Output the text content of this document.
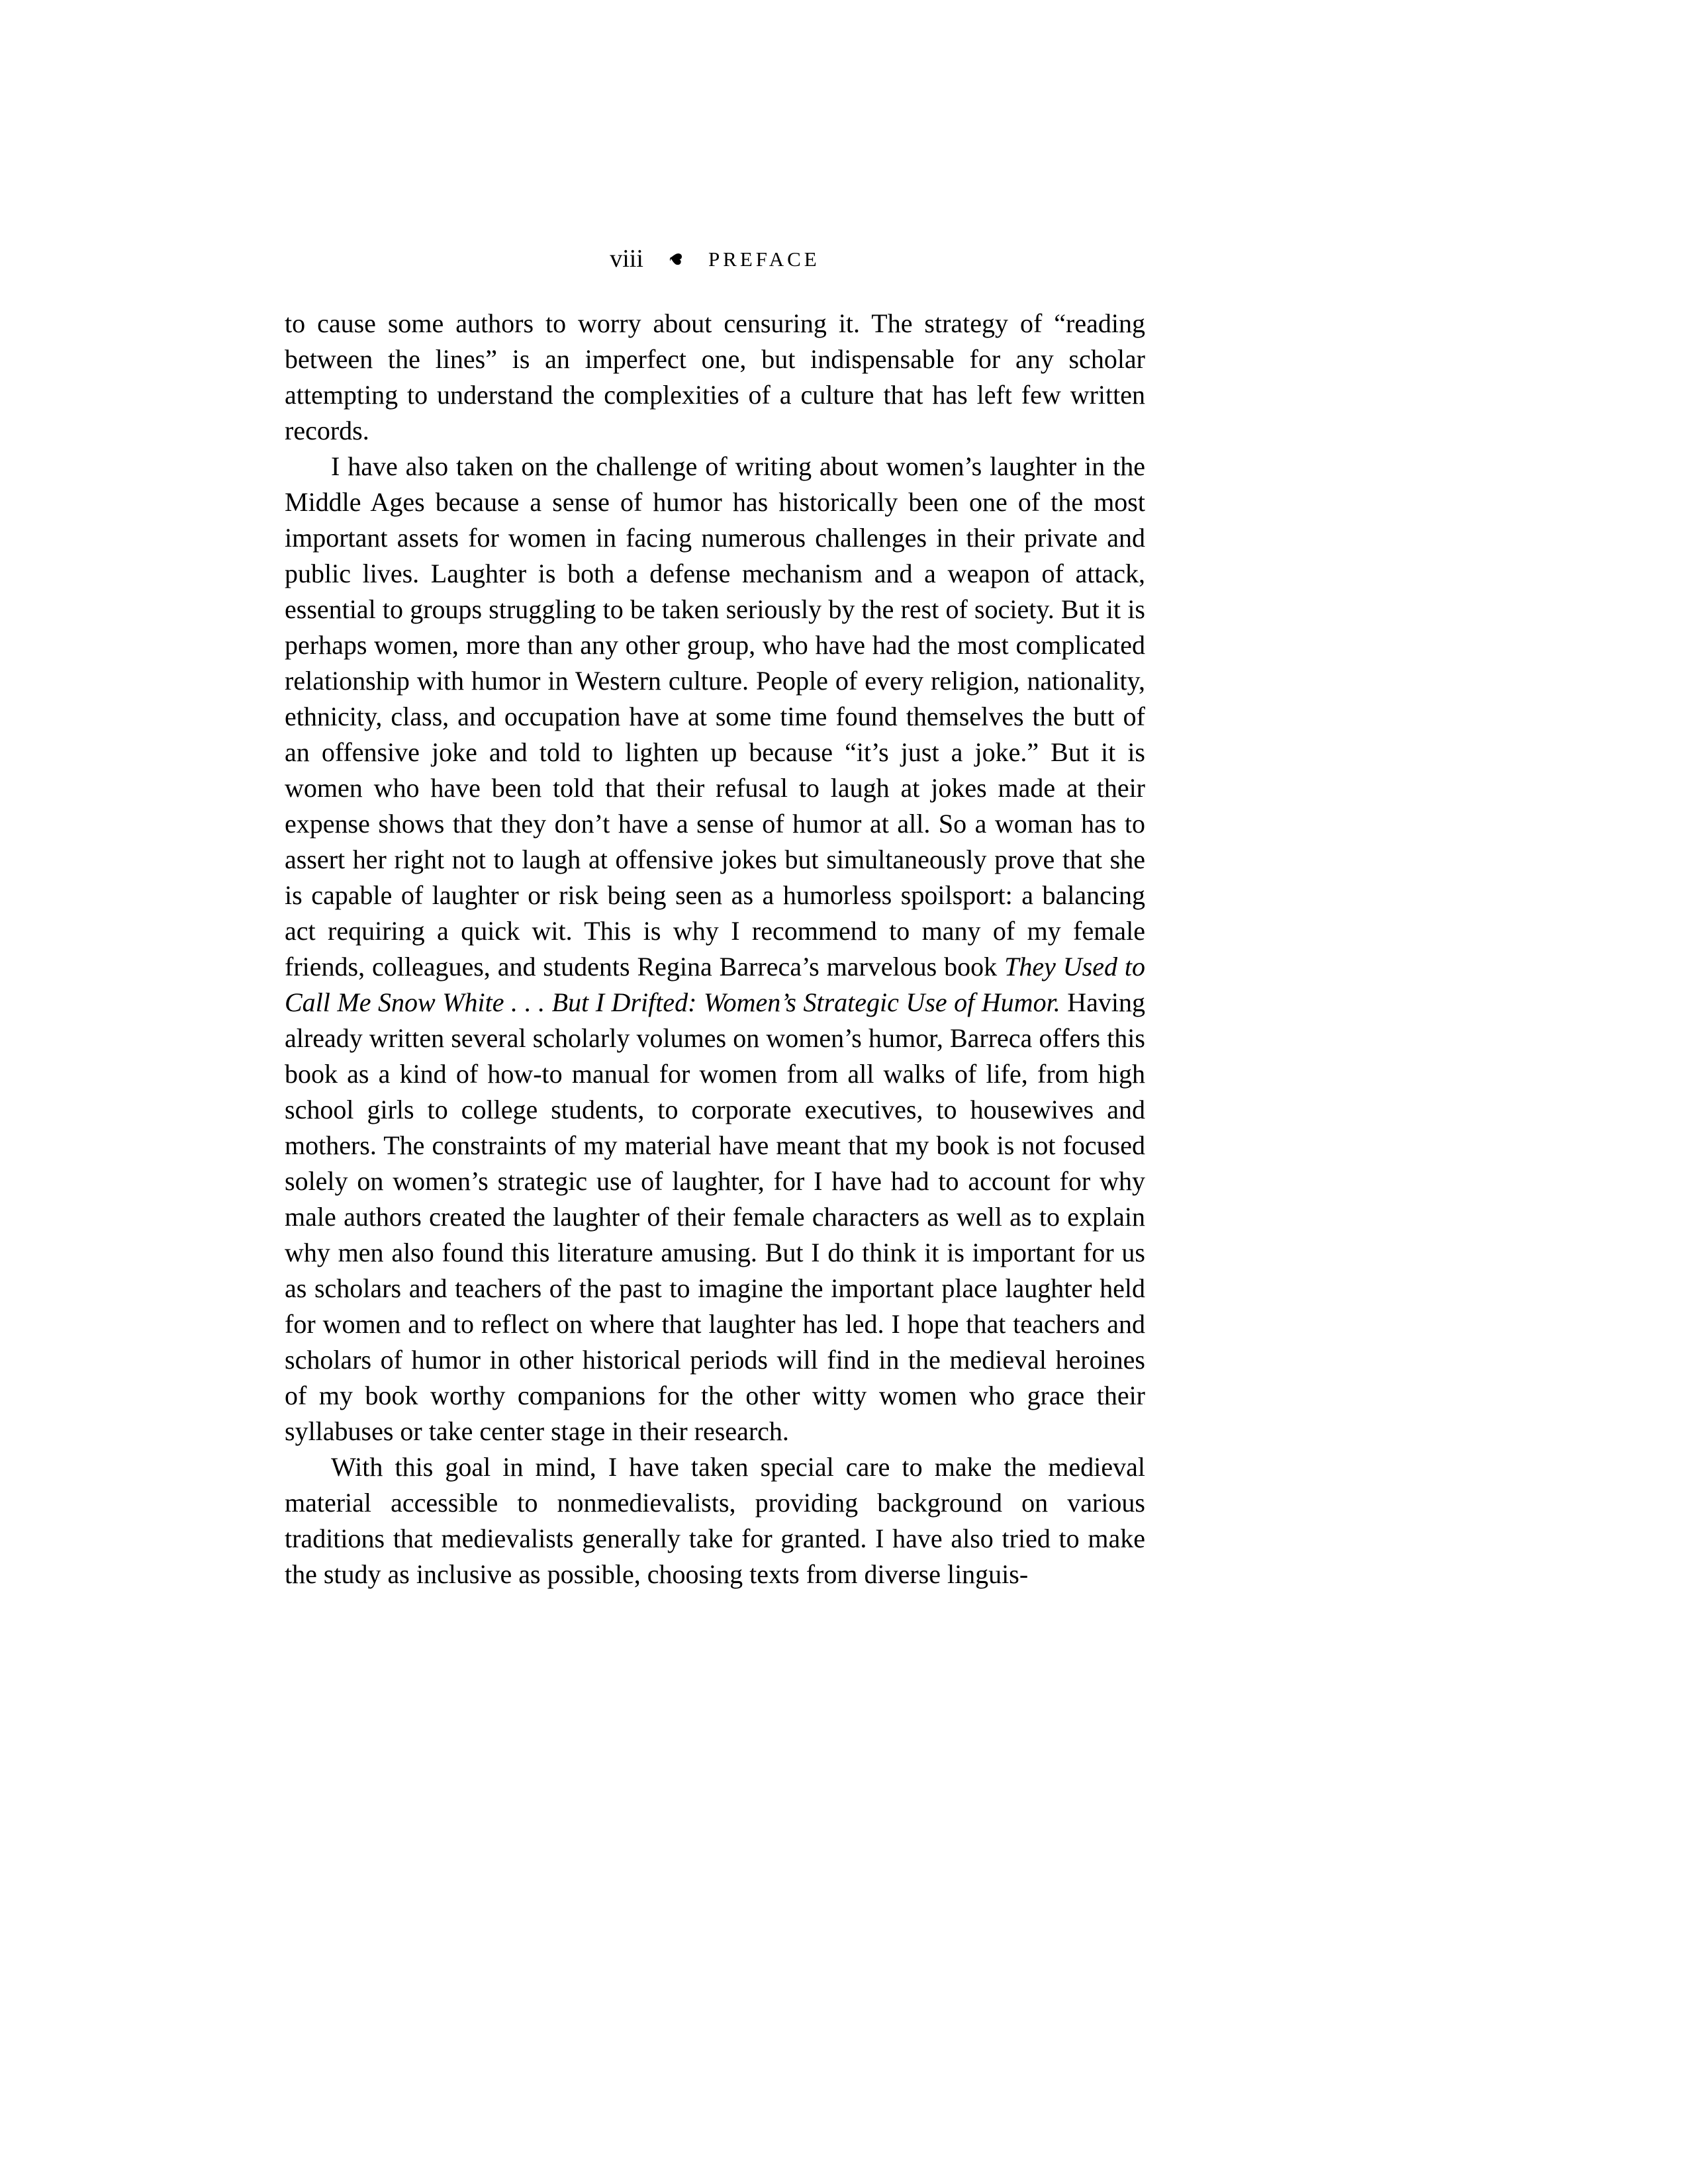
viii	PREFACE

to cause some authors to worry about censuring it. The strategy of “reading between the lines” is an imperfect one, but indispensable for any scholar attempting to understand the complexities of a culture that has left few written records.

I have also taken on the challenge of writing about women’s laughter in the Middle Ages because a sense of humor has historically been one of the most important assets for women in facing numerous challenges in their private and public lives. Laughter is both a defense mechanism and a weapon of attack, essential to groups struggling to be taken seriously by the rest of society. But it is perhaps women, more than any other group, who have had the most complicated relationship with humor in Western culture. People of every religion, nationality, ethnicity, class, and occupation have at some time found themselves the butt of an offensive joke and told to lighten up because “it’s just a joke.” But it is women who have been told that their refusal to laugh at jokes made at their expense shows that they don’t have a sense of humor at all. So a woman has to assert her right not to laugh at offensive jokes but simultaneously prove that she is capable of laughter or risk being seen as a humorless spoilsport: a balancing act requiring a quick wit. This is why I recommend to many of my female friends, colleagues, and students Regina Barreca’s marvelous book They Used to Call Me Snow White . . . But I Drifted: Women’s Strategic Use of Humor. Having already written several scholarly volumes on women’s humor, Barreca offers this book as a kind of how-to manual for women from all walks of life, from high school girls to college students, to corporate executives, to housewives and mothers. The constraints of my material have meant that my book is not focused solely on women’s strategic use of laughter, for I have had to account for why male authors created the laughter of their female characters as well as to explain why men also found this literature amusing. But I do think it is important for us as scholars and teachers of the past to imagine the important place laughter held for women and to reflect on where that laughter has led. I hope that teachers and scholars of humor in other historical periods will find in the medieval heroines of my book worthy companions for the other witty women who grace their syllabuses or take center stage in their research.

With this goal in mind, I have taken special care to make the medieval material accessible to nonmedievalists, providing background on various traditions that medievalists generally take for granted. I have also tried to make the study as inclusive as possible, choosing texts from diverse linguis-
